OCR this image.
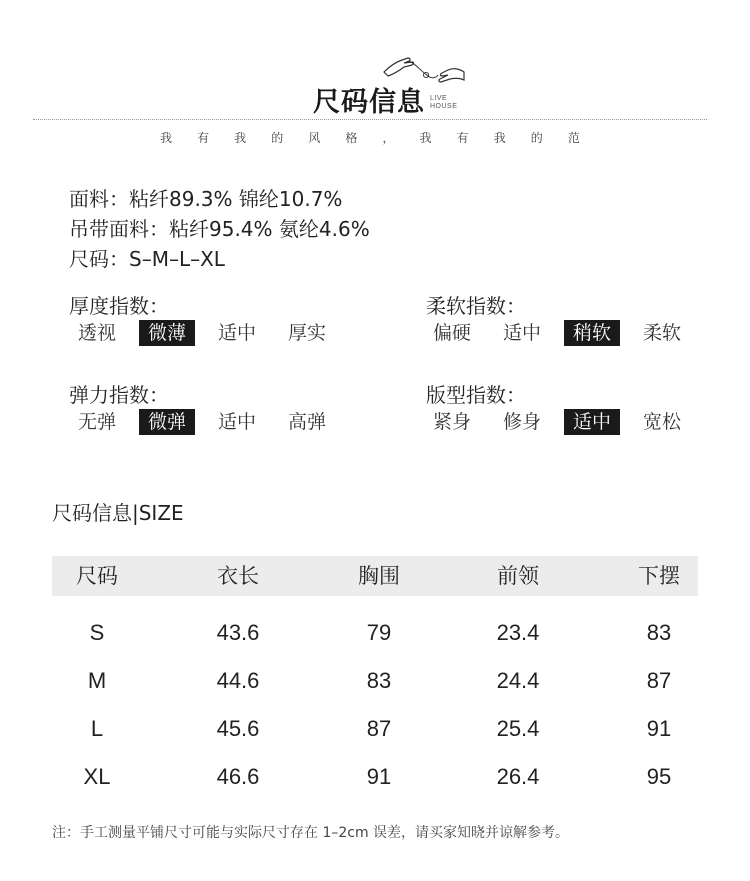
尺码信息 LIVE
HOUSE
我 有 我 的 风 格 ， 我 有 我 的 范
面料：粘纤89.3% 锦纶10.7%
吊带面料：粘纤95.4% 氨纶4.6%
尺码：S–M–L–XL
厚度指数：
透视	微薄	适中	厚实
柔软指数：
偏硬	适中	稍软	柔软
弹力指数：
无弹	微弹	适中	高弹
版型指数：
紧身	修身	适中	宽松
尺码信息|SIZE
尺码	衣长	胸围	前领	下摆
S	43.6	79	23.4	83
M	44.6	83	24.4	87
L	45.6	87	25.4	91
XL	46.6	91	26.4	95
注：手工测量平铺尺寸可能与实际尺寸存在 1–2cm 误差，请买家知晓并谅解参考。
